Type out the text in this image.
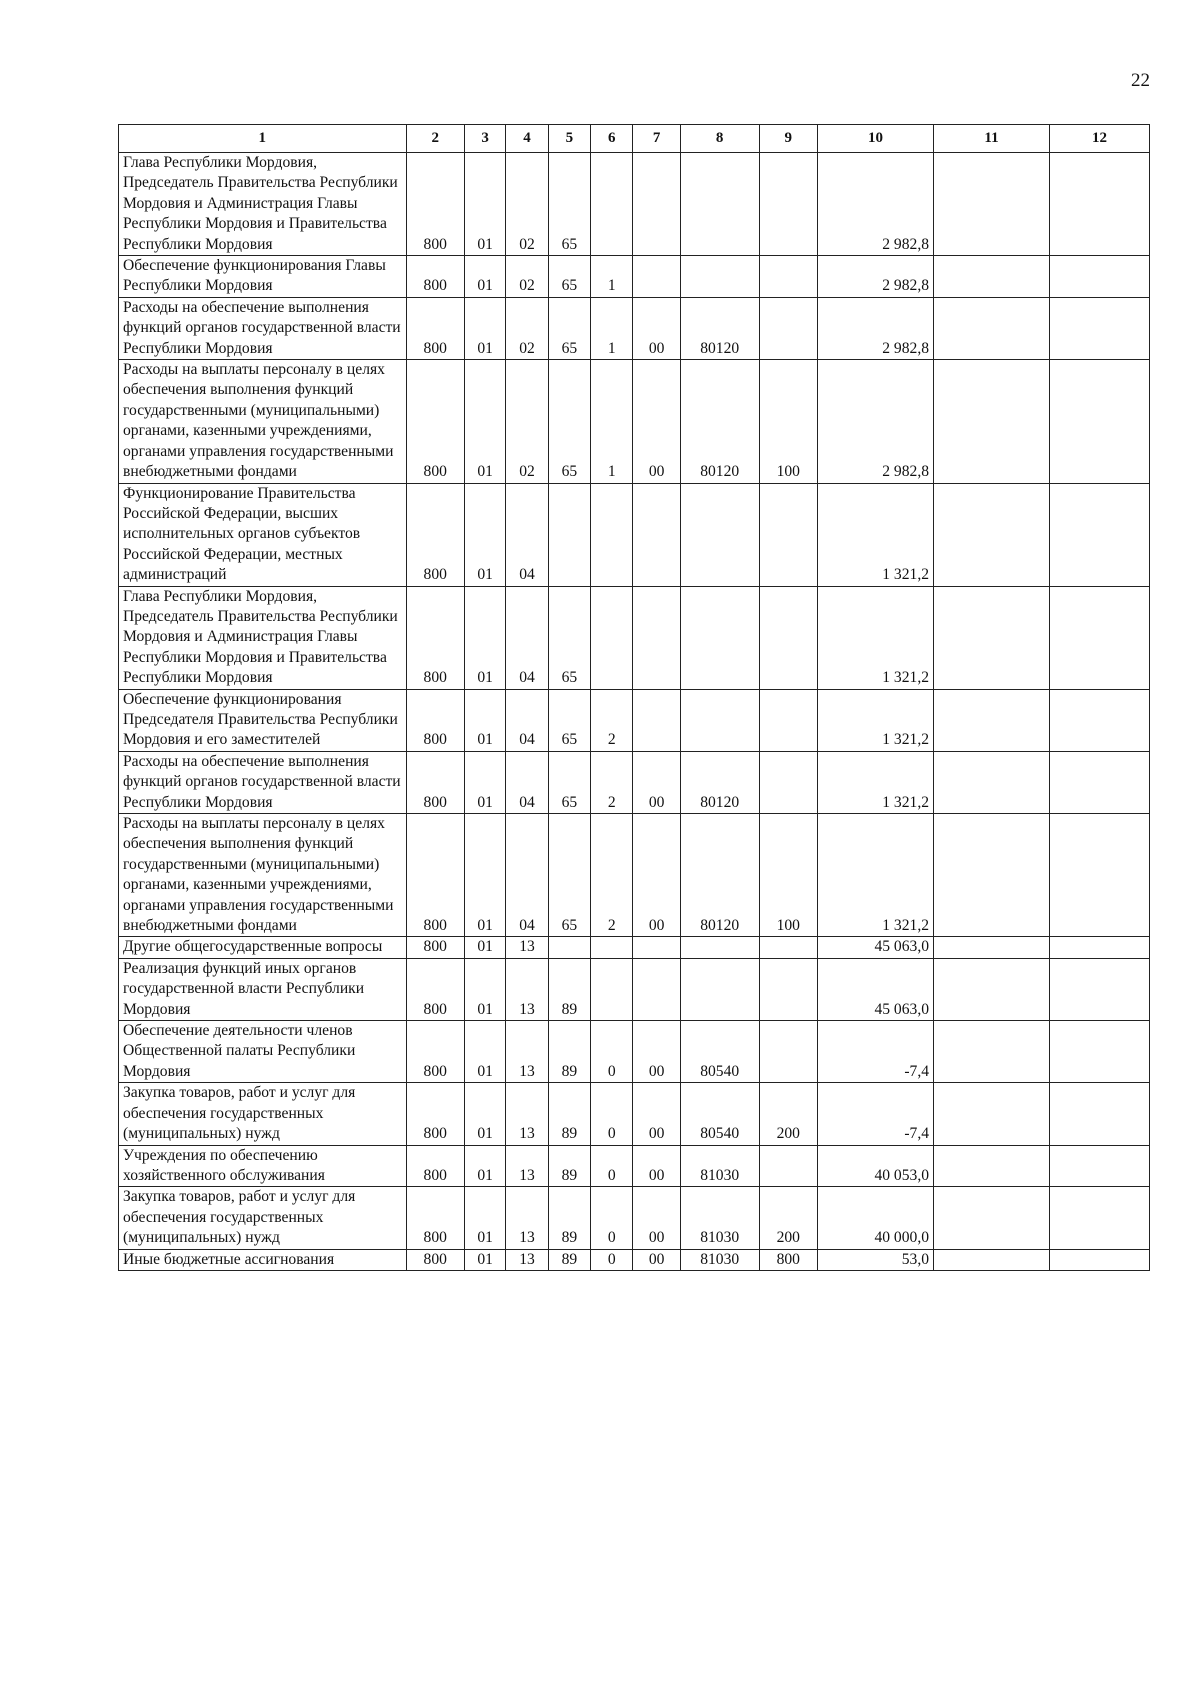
22
1	2	3	4	5	6	7	8	9	10	11	12
Глава Республики Мордовия, Председатель Правительства Республики Мордовия и Администрация Главы Республики Мордовия и Правительства Республики Мордовия	800	01	02	65					2 982,8		
Обеспечение функционирования Главы Республики Мордовия	800	01	02	65	1				2 982,8		
Расходы на обеспечение выполнения функций органов государственной власти Республики Мордовия	800	01	02	65	1	00	80120		2 982,8		
Расходы на выплаты персоналу в целях обеспечения выполнения функций государственными (муниципальными) органами, казенными учреждениями, органами управления государственными внебюджетными фондами	800	01	02	65	1	00	80120	100	2 982,8		
Функционирование Правительства Российской Федерации, высших исполнительных органов субъектов Российской Федерации, местных администраций	800	01	04						1 321,2		
Глава Республики Мордовия, Председатель Правительства Республики Мордовия и Администрация Главы Республики Мордовия и Правительства Республики Мордовия	800	01	04	65					1 321,2		
Обеспечение функционирования Председателя Правительства Республики Мордовия и его заместителей	800	01	04	65	2				1 321,2		
Расходы на обеспечение выполнения функций органов государственной власти Республики Мордовия	800	01	04	65	2	00	80120		1 321,2		
Расходы на выплаты персоналу в целях обеспечения выполнения функций государственными (муниципальными) органами, казенными учреждениями, органами управления государственными внебюджетными фондами	800	01	04	65	2	00	80120	100	1 321,2		
Другие общегосударственные вопросы	800	01	13						45 063,0		
Реализация функций иных органов государственной власти Республики Мордовия	800	01	13	89					45 063,0		
Обеспечение деятельности членов Общественной палаты Республики Мордовия	800	01	13	89	0	00	80540		-7,4		
Закупка товаров, работ и услуг для обеспечения государственных (муниципальных) нужд	800	01	13	89	0	00	80540	200	-7,4		
Учреждения по обеспечению хозяйственного обслуживания	800	01	13	89	0	00	81030		40 053,0		
Закупка товаров, работ и услуг для обеспечения государственных (муниципальных) нужд	800	01	13	89	0	00	81030	200	40 000,0		
Иные бюджетные ассигнования	800	01	13	89	0	00	81030	800	53,0		
